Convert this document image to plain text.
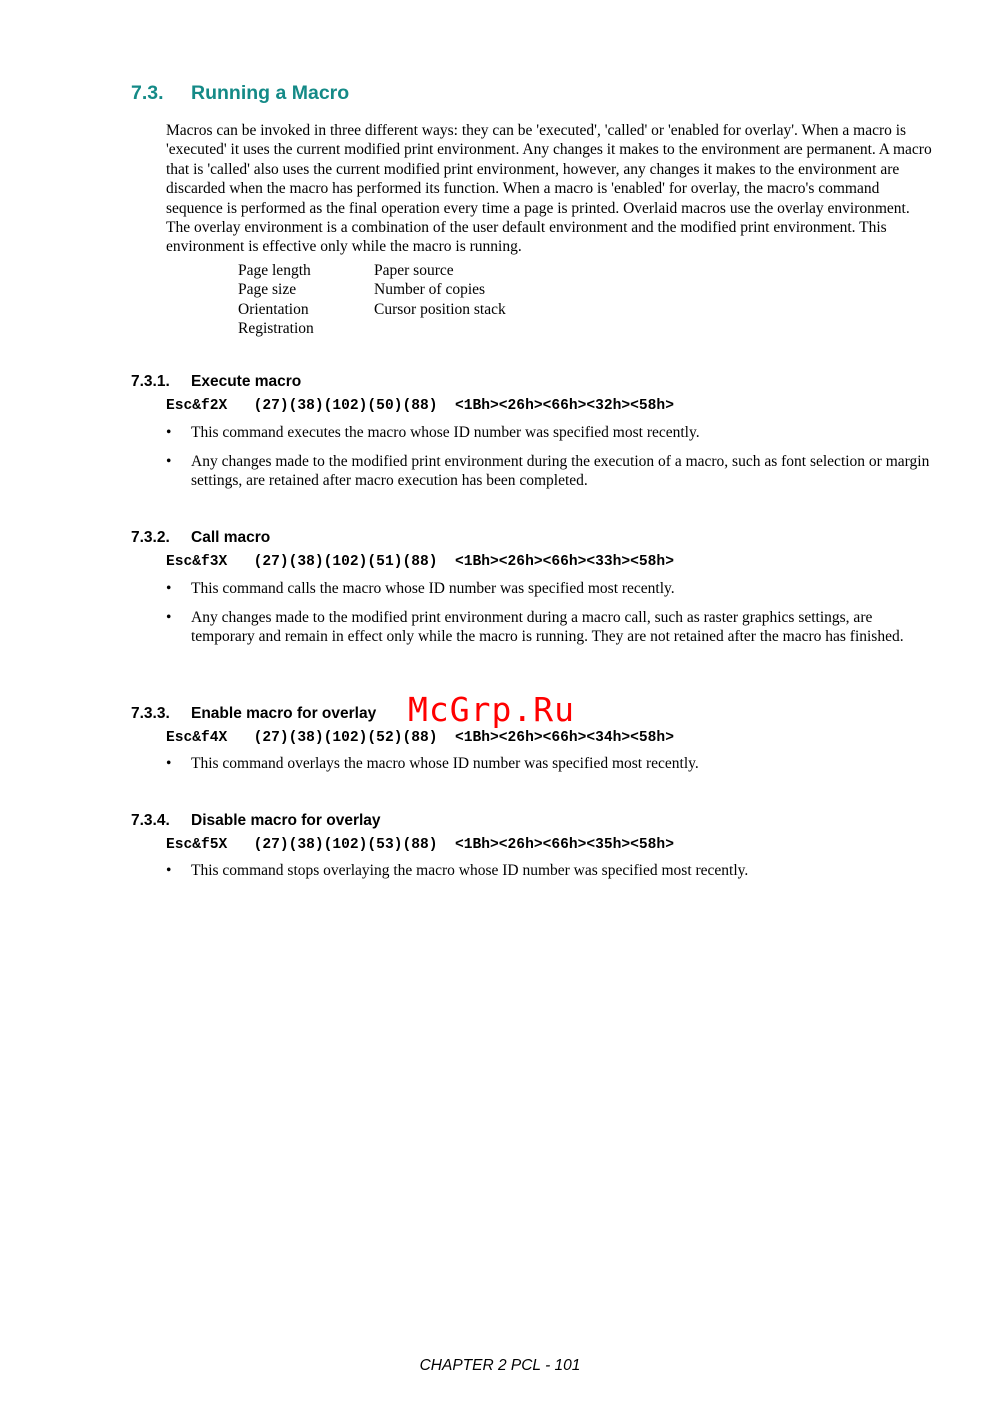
7.3. Running a Macro

Macros can be invoked in three different ways: they can be 'executed', 'called' or 'enabled for overlay'. When a macro is 'executed' it uses the current modified print environment. Any changes it makes to the environment are permanent. A macro that is 'called' also uses the current modified print environment, however, any changes it makes to the environment are discarded when the macro has performed its function. When a macro is 'enabled' for overlay, the macro's command sequence is performed as the final operation every time a page is printed. Overlaid macros use the overlay environment. The overlay environment is a combination of the user default environment and the modified print environment. This environment is effective only while the macro is running.

Page length	Paper source
Page size	Number of copies
Orientation	Cursor position stack
Registration
7.3.1. Execute macro

Esc&f2X   (27)(38)(102)(50)(88)  <1Bh><26h><66h><32h><58h>

•	This command executes the macro whose ID number was specified most recently.

•	Any changes made to the modified print environment during the execution of a macro, such as font selection or margin settings, are retained after macro execution has been completed.

7.3.2. Call macro

Esc&f3X   (27)(38)(102)(51)(88)  <1Bh><26h><66h><33h><58h>

•	This command calls the macro whose ID number was specified most recently.

•	Any changes made to the modified print environment during a macro call, such as raster graphics settings, are temporary and remain in effect only while the macro is running. They are not retained after the macro has finished.

7.3.3. Enable macro for overlay McGrp.Ru

Esc&f4X   (27)(38)(102)(52)(88)  <1Bh><26h><66h><34h><58h>

•	This command overlays the macro whose ID number was specified most recently.

7.3.4. Disable macro for overlay

Esc&f5X   (27)(38)(102)(53)(88)  <1Bh><26h><66h><35h><58h>

•	This command stops overlaying the macro whose ID number was specified most recently.

CHAPTER 2 PCL - 101
